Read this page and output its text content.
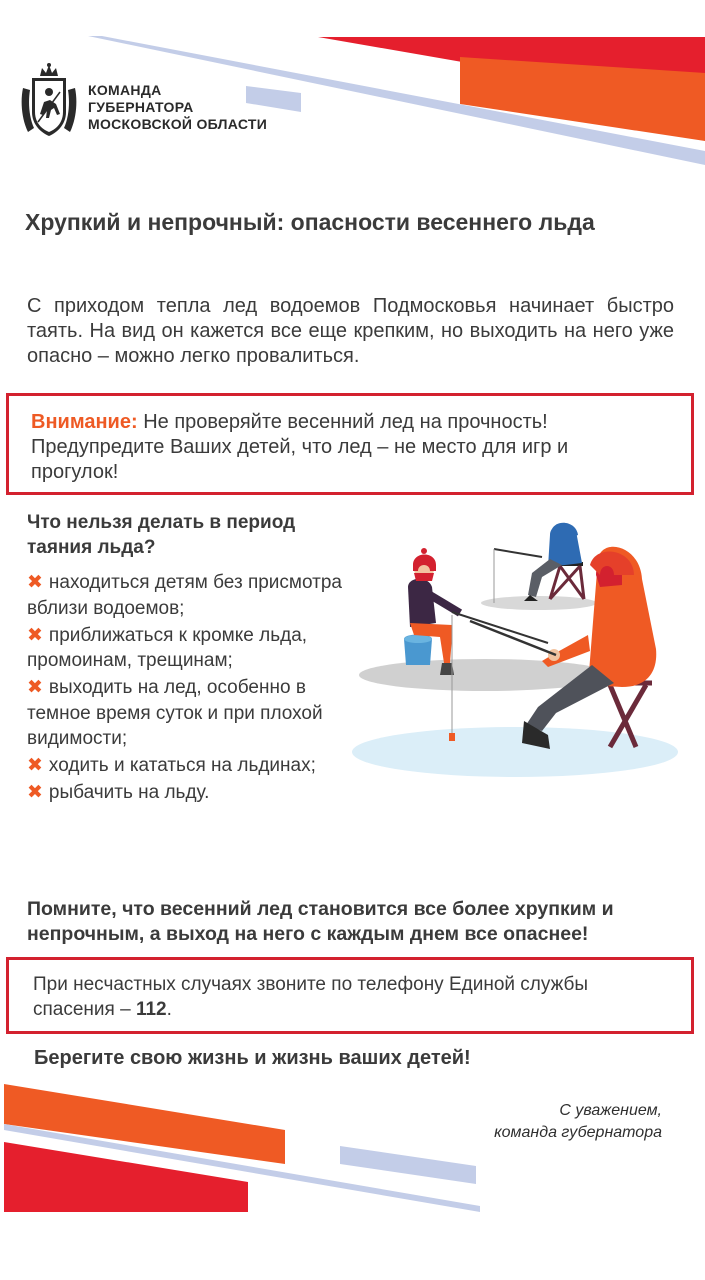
КОМАНДА
ГУБЕРНАТОРА
МОСКОВСКОЙ ОБЛАСТИ
Хрупкий и непрочный: опасности весеннего льда
С приходом тепла лед водоемов Подмосковья начинает быстро таять. На вид он кажется все еще крепким, но выходить на него уже опасно – можно легко провалиться.
Внимание: Не проверяйте весенний лед на прочность! Предупредите Ваших детей, что лед – не место для игр и прогулок!
Что нельзя делать в период таяния льда?
✖ находиться детям без присмотра вблизи водоемов;
✖ приближаться к кромке льда, промоинам, трещинам;
✖ выходить на лед, особенно в темное время суток и при плохой видимости;
✖ ходить и кататься на льдинах;
✖ рыбачить на льду.
Помните, что весенний лед становится все более хрупким и непрочным, а выход на него с каждым днем все опаснее!
При несчастных случаях звоните по телефону Единой службы спасения – 112.
Берегите свою жизнь и жизнь ваших детей!
С уважением,
команда губернатора
